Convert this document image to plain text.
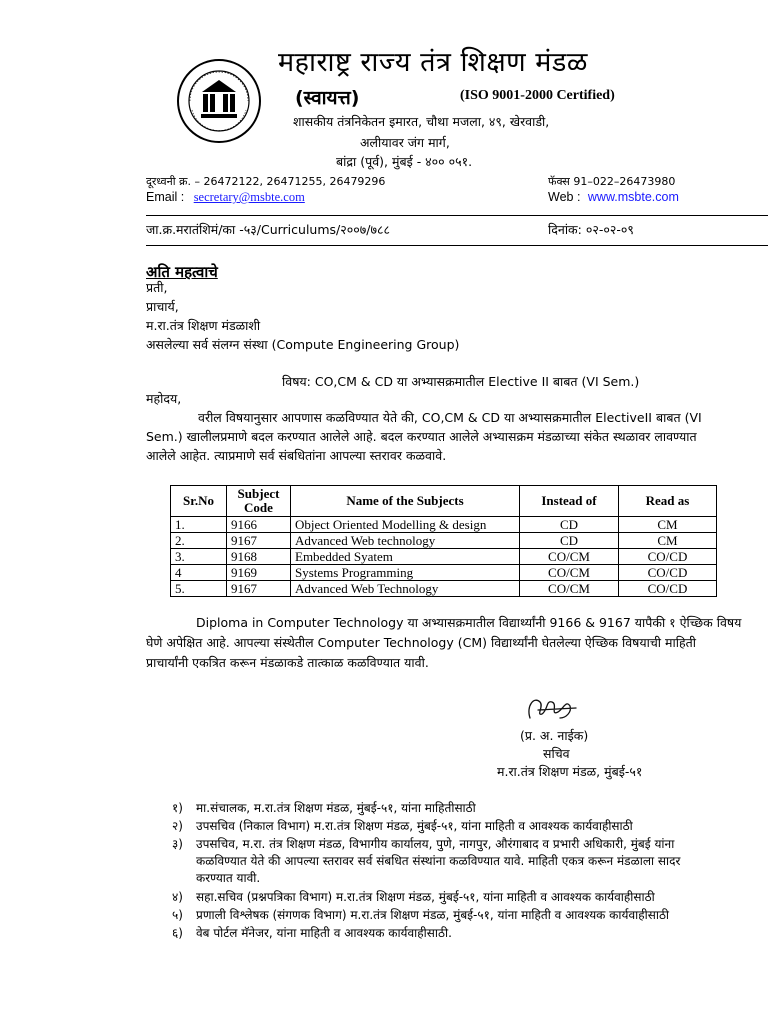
महाराष्ट्र राज्य तंत्र शिक्षण मंडळ
(स्वायत्त)	(ISO 9001-2000 Certified)
शासकीय तंत्रनिकेतन इमारत, चौथा मजला, ४९, खेरवाडी,
अलीयावर जंग मार्ग,
बांद्रा (पूर्व), मुंबई - ४०० ०५१.
दूरध्वनी क्र. – 26472122, 26471255, 26479296	फॅक्स 91–022–26473980
Email : secretary@msbte.com	Web : www.msbte.com
जा.क्र.मरातंशिमं/का -५३/Curriculums/२००७/७८८	दिनांक: ०२-०२-०९
अति महत्वाचे
प्रती,
प्राचार्य,
म.रा.तंत्र शिक्षण मंडळाशी
असलेल्या सर्व संलग्न संस्था (Compute Engineering Group)
विषय: CO,CM & CD या अभ्यासक्रमातील Elective II बाबत (VI Sem.)
महोदय,
वरील विषयानुसार आपणास कळविण्यात येते की, CO,CM & CD या अभ्यासक्रमातील ElectiveII बाबत (VI
Sem.) खालीलप्रमाणे बदल करण्यात आलेले आहे. बदल करण्यात आलेले अभ्यासक्रम मंडळाच्या संकेत स्थळावर लावण्यात
आलेले आहेत. त्याप्रमाणे सर्व संबधितांना आपल्या स्तरावर कळवावे.
Sr.No	Subject Code	Name of the Subjects	Instead of	Read as
1.	9166	Object Oriented Modelling & design	CD	CM
2.	9167	Advanced Web technology	CD	CM
3.	9168	Embedded Syatem	CO/CM	CO/CD
4	9169	Systems Programming	CO/CM	CO/CD
5.	9167	Advanced Web Technology	CO/CM	CO/CD
Diploma in Computer Technology या अभ्यासक्रमातील विद्यार्थ्यांनी 9166 & 9167 यापैकी १ ऐच्छिक विषय
घेणे अपेक्षित आहे. आपल्या संस्थेतील Computer Technology (CM) विद्यार्थ्यांनी घेतलेल्या ऐच्छिक विषयाची माहिती
प्राचार्यांनी एकत्रित करून मंडळाकडे तात्काळ कळविण्यात यावी.
(प्र. अ. नाईक)
सचिव
म.रा.तंत्र शिक्षण मंडळ, मुंबई-५१
१) मा.संचालक, म.रा.तंत्र शिक्षण मंडळ, मुंबई-५१, यांना माहितीसाठी
२) उपसचिव (निकाल विभाग) म.रा.तंत्र शिक्षण मंडळ, मुंबई-५१, यांना माहिती व आवश्यक कार्यवाहीसाठी
३) उपसचिव, म.रा. तंत्र शिक्षण मंडळ, विभागीय कार्यालय, पुणे, नागपुर, औरंगाबाद व प्रभारी अधिकारी, मुंबई यांना
कळविण्यात येते की आपल्या स्तरावर सर्व संबधित संस्थांना कळविण्यात यावे. माहिती एकत्र करून मंडळाला सादर
करण्यात यावी.
४) सहा.सचिव (प्रश्नपत्रिका विभाग) म.रा.तंत्र शिक्षण मंडळ, मुंबई-५१, यांना माहिती व आवश्यक कार्यवाहीसाठी
५) प्रणाली विश्लेषक (संगणक विभाग) म.रा.तंत्र शिक्षण मंडळ, मुंबई-५१, यांना माहिती व आवश्यक कार्यवाहीसाठी
६) वेब पोर्टल मॅनेजर, यांना माहिती व आवश्यक कार्यवाहीसाठी.
